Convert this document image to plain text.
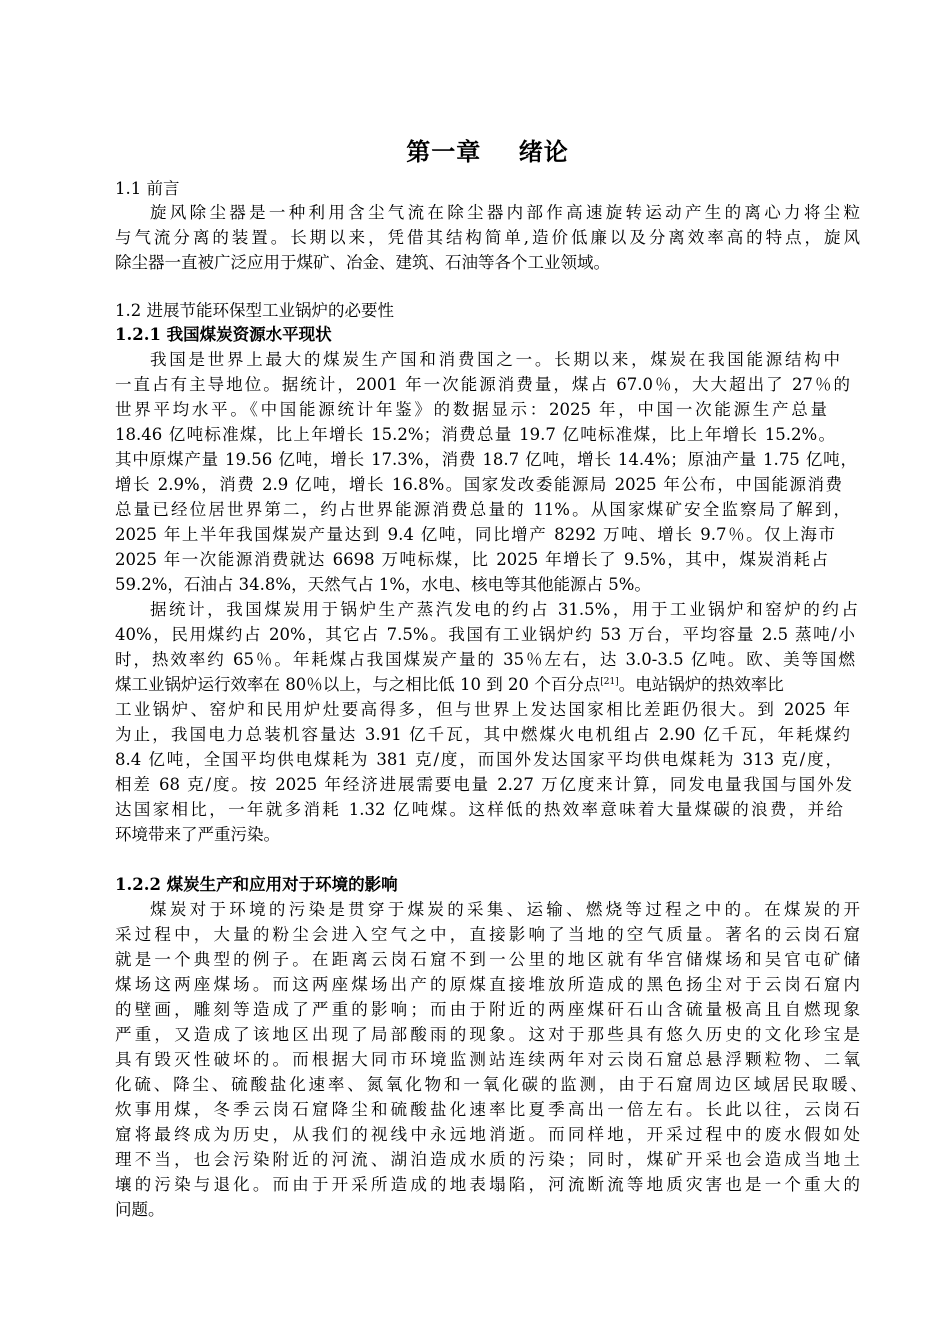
第一章    绪论
1.1 前言
旋风除尘器是一种利用含尘气流在除尘器内部作高速旋转运动产生的离心力将尘粒
与气流分离的装置。长期以来，凭借其结构简单,造价低廉以及分离效率高的特点，旋风
除尘器一直被广泛应用于煤矿、冶金、建筑、石油等各个工业领域。
1.2 进展节能环保型工业锅炉的必要性
1.2.1 我国煤炭资源水平现状
我国是世界上最大的煤炭生产国和消费国之一。长期以来，煤炭在我国能源结构中
一直占有主导地位。据统计，2001 年一次能源消费量，煤占 67.0％，大大超出了 27％的
世界平均水平。《中国能源统计年鉴》的数据显示：2025 年，中国一次能源生产总量
18.46 亿吨标准煤，比上年增长 15.2%；消费总量 19.7 亿吨标准煤，比上年增长 15.2%。
其中原煤产量 19.56 亿吨，增长 17.3%，消费 18.7 亿吨，增长 14.4%；原油产量 1.75 亿吨，
增长 2.9%，消费 2.9 亿吨，增长 16.8%。国家发改委能源局 2025 年公布，中国能源消费
总量已经位居世界第二，约占世界能源消费总量的 11%。从国家煤矿安全监察局了解到，
2025 年上半年我国煤炭产量达到 9.4 亿吨，同比增产 8292 万吨、增长 9.7％。仅上海市
2025 年一次能源消费就达 6698 万吨标煤，比 2025 年增长了 9.5%，其中，煤炭消耗占
59.2%，石油占 34.8%，天然气占 1%，水电、核电等其他能源占 5%。
据统计，我国煤炭用于锅炉生产蒸汽发电的约占 31.5%，用于工业锅炉和窑炉的约占
40%，民用煤约占 20%，其它占 7.5%。我国有工业锅炉约 53 万台，平均容量 2.5 蒸吨/小
时，热效率约 65％。年耗煤占我国煤炭产量的 35％左右，达 3.0-3.5 亿吨。欧、美等国燃
煤工业锅炉运行效率在 80％以上，与之相比低 10 到 20 个百分点[21]。电站锅炉的热效率比
工业锅炉、窑炉和民用炉灶要高得多，但与世界上发达国家相比差距仍很大。到 2025 年
为止，我国电力总装机容量达 3.91 亿千瓦，其中燃煤火电机组占 2.90 亿千瓦，年耗煤约
8.4 亿吨，全国平均供电煤耗为 381 克/度，而国外发达国家平均供电煤耗为 313 克/度，
相差 68 克/度。按 2025 年经济进展需要电量 2.27 万亿度来计算，同发电量我国与国外发
达国家相比，一年就多消耗 1.32 亿吨煤。这样低的热效率意味着大量煤碳的浪费，并给
环境带来了严重污染。
1.2.2 煤炭生产和应用对于环境的影响
煤炭对于环境的污染是贯穿于煤炭的采集、运输、燃烧等过程之中的。在煤炭的开
采过程中，大量的粉尘会进入空气之中，直接影响了当地的空气质量。著名的云岗石窟
就是一个典型的例子。在距离云岗石窟不到一公里的地区就有华宫储煤场和吴官屯矿储
煤场这两座煤场。而这两座煤场出产的原煤直接堆放所造成的黑色扬尘对于云岗石窟内
的壁画，雕刻等造成了严重的影响；而由于附近的两座煤矸石山含硫量极高且自燃现象
严重，又造成了该地区出现了局部酸雨的现象。这对于那些具有悠久历史的文化珍宝是
具有毁灭性破坏的。而根据大同市环境监测站连续两年对云岗石窟总悬浮颗粒物、二氧
化硫、降尘、硫酸盐化速率、氮氧化物和一氧化碳的监测，由于石窟周边区域居民取暖、
炊事用煤，冬季云岗石窟降尘和硫酸盐化速率比夏季高出一倍左右。长此以往，云岗石
窟将最终成为历史，从我们的视线中永远地消逝。而同样地，开采过程中的废水假如处
理不当，也会污染附近的河流、湖泊造成水质的污染；同时，煤矿开采也会造成当地土
壤的污染与退化。而由于开采所造成的地表塌陷，河流断流等地质灾害也是一个重大的
问题。
